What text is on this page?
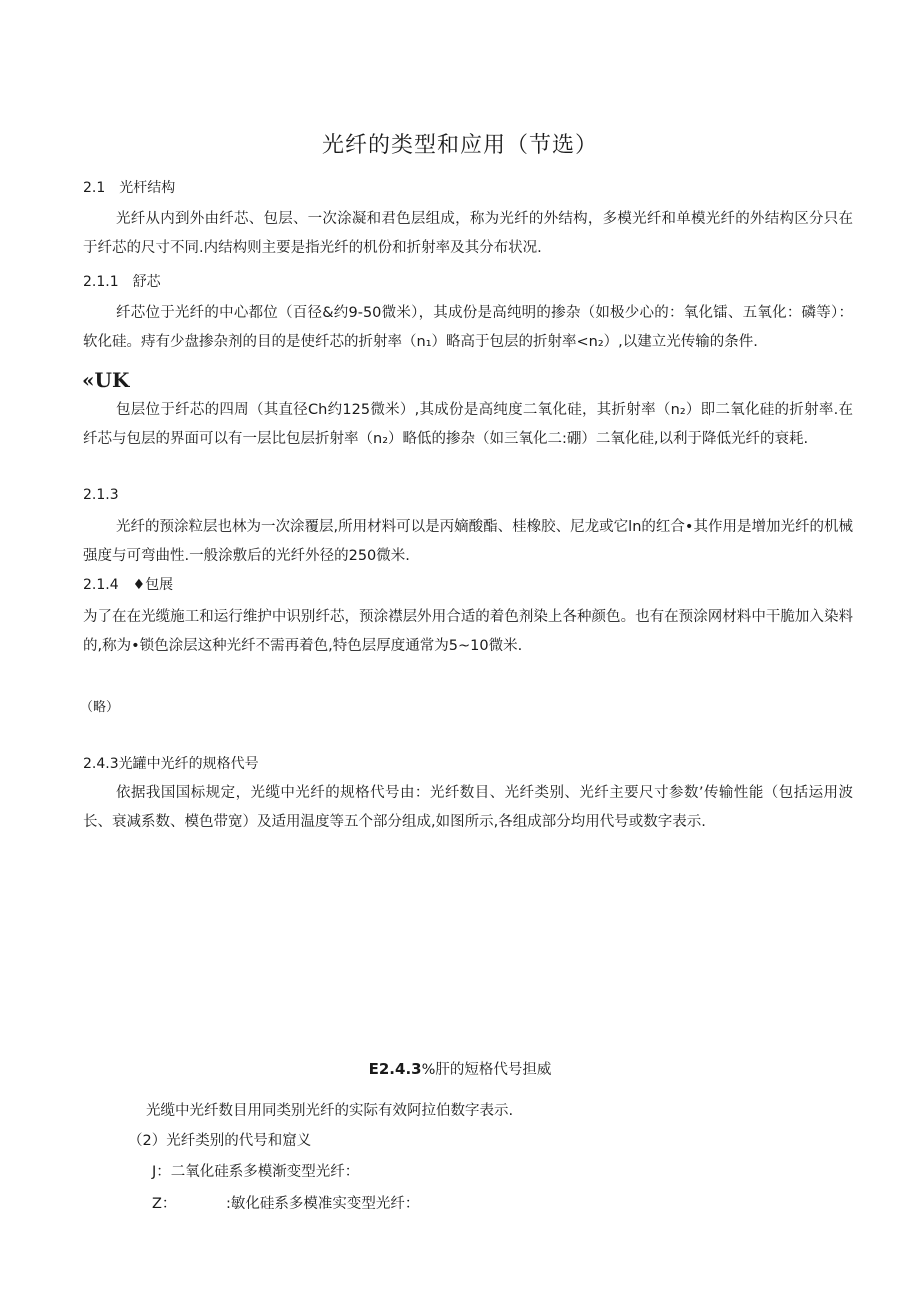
光纤的类型和应用（节选）
2.1　光杆结构
光纤从内到外由纤芯、包层、一次涂凝和君色层组成，称为光纤的外结构，多模光纤和单模光纤的外结构区分只在于纤芯的尺寸不同.内结构则主要是指光纤的机份和折射率及其分布状况.
2.1.1　舒芯
纤芯位于光纤的中心都位（百径&约9-50微米），其成份是高纯明的掺杂（如极少心的：氧化镭、五氧化：磷等）：软化硅。痔有少盘掺杂剂的目的是使纤芯的折射率（n₁）略高于包层的折射率<n₂）,以建立光传输的条件.
«UK
包层位于纤芯的四周（其直径Ch约125微米）,其成份是高纯度二氧化硅，其折射率（n₂）即二氧化硅的折射率.在纤芯与包层的界面可以有一层比包层折射率（n₂）略低的掺杂（如三氧化二:硼）二氧化硅,以利于降低光纤的衰耗.
2.1.3
光纤的预涂粒层也林为一次涂覆层,所用材料可以是丙嫡酸酯、桂橡胶、尼龙或它ln的红合•其作用是增加光纤的机械强度与可弯曲性.一般涂敷后的光纤外径的250微米.
2.1.4　♦包展
为了在在光缆施工和运行维护中识别纤芯，预涂襟层外用合适的着色剂染上各种颜色。也有在预涂网材料中干脆加入染料的,称为•锁色涂层这种光纤不需再着色,特色层厚度通常为5~10微米.
（略）
2.4.3光罐中光纤的规格代号
依据我国国标规定，光缆中光纤的规格代号由：光纤数目、光纤类别、光纤主要尺寸参数’传输性能（包括运用波长、衰减系数、模色带宽）及适用温度等五个部分组成,如图所示,各组成部分均用代号或数字表示.
E2.4.3%肝的短格代号担威
光缆中光纤数目用同类别光纤的实际有效阿拉伯数字表示.
（2）光纤类别的代号和窟义
J：二氧化硅系多模渐变型光纤：
Z：	:敏化硅系多模准实变型光纤：
